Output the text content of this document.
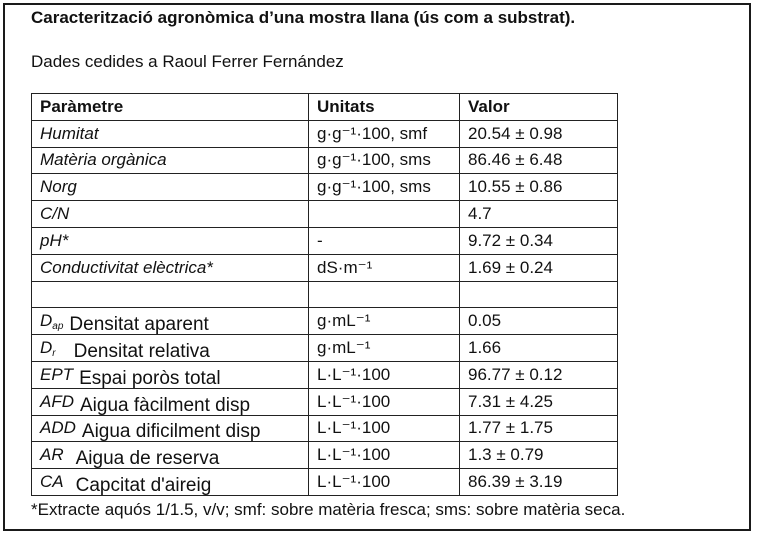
Caracterització agronòmica d’una mostra llana (ús com a substrat).
Dades cedides a Raoul Ferrer Fernández
Paràmetre	Unitats	Valor
Humitat	g·g⁻¹·100, smf	20.54 ± 0.98
Matèria orgànica	g·g⁻¹·100, sms	86.46 ± 6.48
Norg	g·g⁻¹·100, sms	10.55 ± 0.86
C/N		4.7
pH*	-	9.72 ± 0.34
Conductivitat elèctrica*	dS·m⁻¹	1.69 ± 0.24

$D_{ap}$ Densitat aparent	g·mL⁻¹	0.05
$D_r$ Densitat relativa	g·mL⁻¹	1.66
EPT Espai poròs total	L·L⁻¹·100	96.77 ± 0.12
AFD Aigua fàcilment disp	L·L⁻¹·100	7.31 ± 4.25
ADD Aigua dificilment disp	L·L⁻¹·100	1.77 ± 1.75
AR Aigua de reserva	L·L⁻¹·100	1.3 ± 0.79
CA Capcitat d'aireig	L·L⁻¹·100	86.39 ± 3.19
*Extracte aquós 1/1.5, v/v; smf: sobre matèria fresca; sms: sobre matèria seca.
